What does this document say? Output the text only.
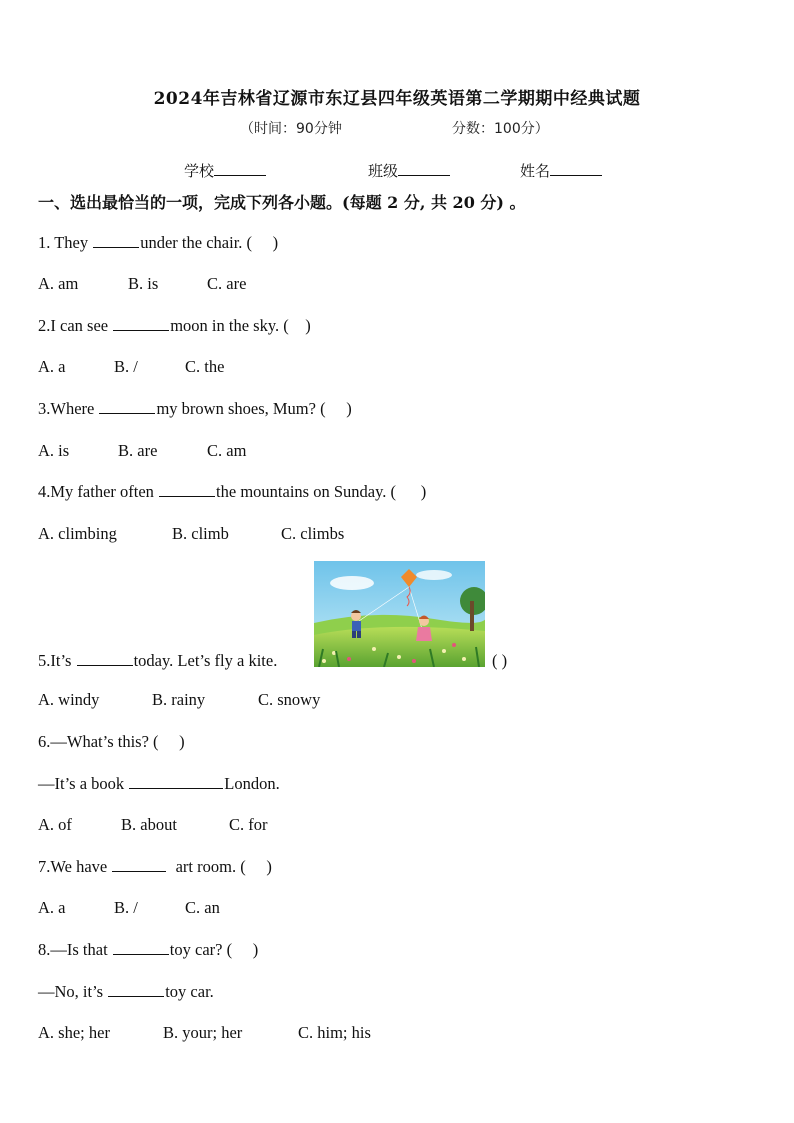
2024年吉林省辽源市东辽县四年级英语第二学期期中经典试题
（时间：90分钟	分数：100分）
学校	班级	姓名
一、选出最恰当的一项，完成下列各小题。(每题 2 分, 共 20 分) 。
1. They	under the chair. ( )
A. am	B. is	C. are
2.I can see	moon in the sky. ( )
A. a	B. /	C. the
3.Where	my brown shoes, Mum? ( )
A. is	B. are	C. am
4.My father often	the mountains on Sunday. ( )
A. climbing	B. climb	C. climbs
5.It’s	today. Let’s fly a kite.	( )
A. windy	B. rainy	C. snowy
6.—What’s this? ( )
—It’s a book	London.
A. of	B. about	C. for
7.We have	art room. ( )
A. a	B. /	C. an
8.—Is that	toy car? ( )
—No, it’s	toy car.
A. she; her	B. your; her	C. him; his
